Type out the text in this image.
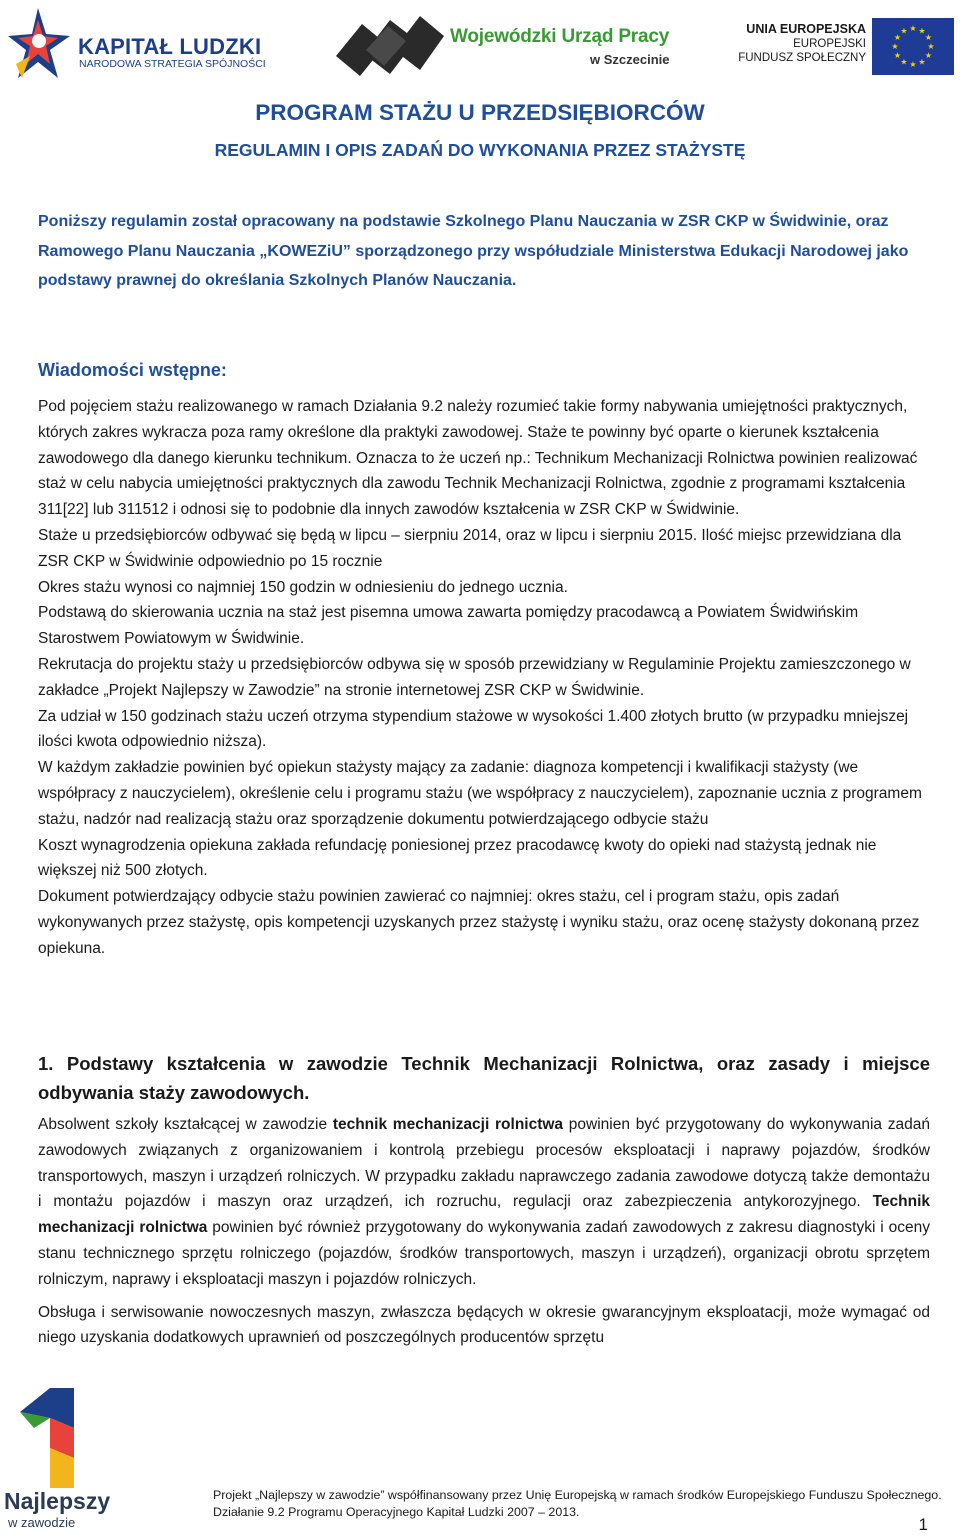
KAPITAŁ LUDZKI
NARODOWA STRATEGIA SPÓJNOŚCI
Wojewódzki Urząd Pracy
w Szczecinie
UNIA EUROPEJSKA
EUROPEJSKI
FUNDUSZ SPOŁECZNY
★ ★
★
★
★
★
★
★
★
★
★
★
PROGRAM STAŻU U PRZEDSIĘBIORCÓW
REGULAMIN I OPIS ZADAŃ DO WYKONANIA PRZEZ STAŻYSTĘ
Poniższy regulamin został opracowany na podstawie Szkolnego Planu Nauczania w ZSR CKP w Świdwinie, oraz Ramowego Planu Nauczania „KOWEZiU” sporządzonego przy współudziale Ministerstwa Edukacji Narodowej jako podstawy prawnej do określania Szkolnych Planów Nauczania.
Wiadomości wstępne:

Pod pojęciem stażu realizowanego w ramach Działania 9.2 należy rozumieć takie formy nabywania umiejętności praktycznych, których zakres wykracza poza ramy określone dla praktyki zawodowej. Staże te powinny być oparte o kierunek kształcenia zawodowego dla danego kierunku technikum. Oznacza to że uczeń np.: Technikum Mechanizacji Rolnictwa powinien realizować staż w celu nabycia umiejętności praktycznych dla zawodu Technik Mechanizacji Rolnictwa, zgodnie z programami kształcenia 311[22] lub 311512 i odnosi się to podobnie dla innych zawodów kształcenia w ZSR CKP w Świdwinie.

Staże u przedsiębiorców odbywać się będą w lipcu – sierpniu 2014, oraz w lipcu i sierpniu 2015. Ilość miejsc przewidziana dla ZSR CKP w Świdwinie odpowiednio po 15 rocznie

Okres stażu wynosi co najmniej 150 godzin w odniesieniu do jednego ucznia.

Podstawą do skierowania ucznia na staż jest pisemna umowa zawarta pomiędzy pracodawcą a Powiatem Świdwińskim Starostwem Powiatowym w Świdwinie.

Rekrutacja do projektu staży u przedsiębiorców odbywa się w sposób przewidziany w Regulaminie Projektu zamieszczonego w zakładce „Projekt Najlepszy w Zawodzie” na stronie internetowej ZSR CKP w Świdwinie.

Za udział w 150 godzinach stażu uczeń otrzyma stypendium stażowe w wysokości 1.400 złotych brutto (w przypadku mniejszej ilości kwota odpowiednio niższa).

W każdym zakładzie powinien być opiekun stażysty mający za zadanie: diagnoza kompetencji i kwalifikacji stażysty (we współpracy z nauczycielem), określenie celu i programu stażu (we współpracy z nauczycielem), zapoznanie ucznia z programem stażu, nadzór nad realizacją stażu oraz sporządzenie dokumentu potwierdzającego odbycie stażu

Koszt wynagrodzenia opiekuna zakłada refundację poniesionej przez pracodawcę kwoty do opieki nad stażystą jednak nie większej niż 500 złotych.

Dokument potwierdzający odbycie stażu powinien zawierać co najmniej: okres stażu, cel i program stażu, opis zadań wykonywanych przez stażystę, opis kompetencji uzyskanych przez stażystę i wyniku stażu, oraz ocenę stażysty dokonaną przez opiekuna.

1. Podstawy kształcenia w zawodzie Technik Mechanizacji Rolnictwa, oraz zasady i miejsce odbywania staży zawodowych.

Absolwent szkoły kształcącej w zawodzie technik mechanizacji rolnictwa powinien być przygotowany do wykonywania zadań zawodowych związanych z organizowaniem i kontrolą przebiegu procesów eksploatacji i naprawy pojazdów, środków transportowych, maszyn i urządzeń rolniczych. W przypadku zakładu naprawczego zadania zawodowe dotyczą także demontażu i montażu pojazdów i maszyn oraz urządzeń, ich rozruchu, regulacji oraz zabezpieczenia antykorozyjnego. Technik mechanizacji rolnictwa powinien być również przygotowany do wykonywania zadań zawodowych z zakresu diagnostyki i oceny stanu technicznego sprzętu rolniczego (pojazdów, środków transportowych, maszyn i urządzeń), organizacji obrotu sprzętem rolniczym, naprawy i eksploatacji maszyn i pojazdów rolniczych.

Obsługa i serwisowanie nowoczesnych maszyn, zwłaszcza będących w okresie gwarancyjnym eksploatacji, może wymagać od niego uzyskania dodatkowych uprawnień od poszczególnych producentów sprzętu

Najlepszy
w zawodzie
Projekt „Najlepszy w zawodzie” współfinansowany przez Unię Europejską w ramach środków Europejskiego Funduszu Społecznego.
Działanie 9.2 Programu Operacyjnego Kapitał Ludzki 2007 – 2013.
1
